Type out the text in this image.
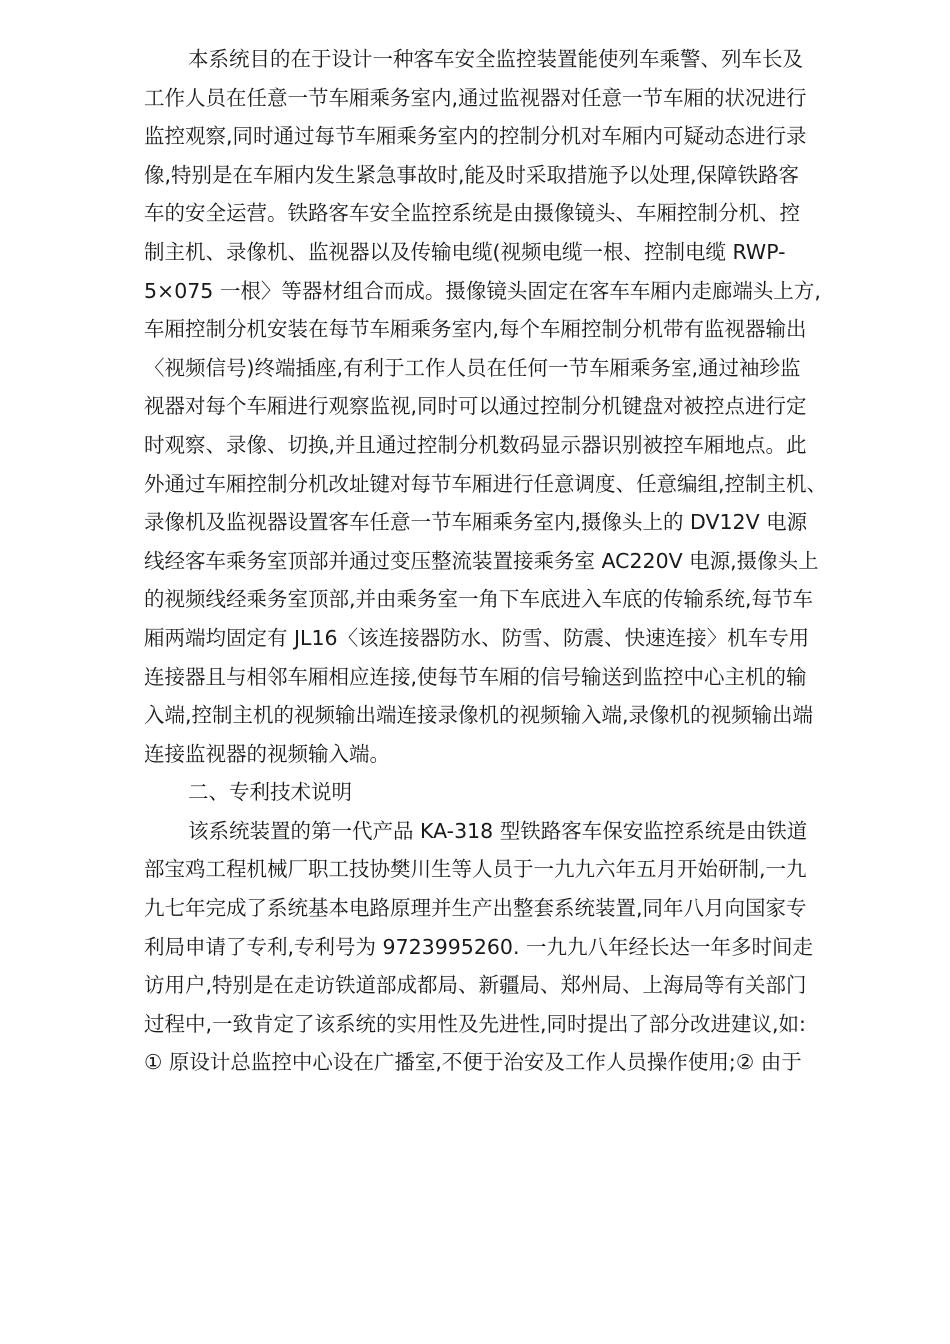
本系统目的在于设计一种客车安全监控装置能使列车乘警、列车长及
工作人员在任意一节车厢乘务室内,通过监视器对任意一节车厢的状况进行
监控观察,同时通过每节车厢乘务室内的控制分机对车厢内可疑动态进行录
像,特别是在车厢内发生紧急事故时,能及时采取措施予以处理,保障铁路客
车的安全运营。铁路客车安全监控系统是由摄像镜头、车厢控制分机、控
制主机、录像机、监视器以及传输电缆(视频电缆一根、控制电缆 RWP-
5×075 一根〉等器材组合而成。摄像镜头固定在客车车厢内走廊端头上方,
车厢控制分机安装在每节车厢乘务室内,每个车厢控制分机带有监视器输出
〈视频信号)终端插座,有利于工作人员在任何一节车厢乘务室,通过袖珍监
视器对每个车厢进行观察监视,同时可以通过控制分机键盘对被控点进行定
时观察、录像、切换,并且通过控制分机数码显示器识别被控车厢地点。此
外通过车厢控制分机改址键对每节车厢进行任意调度、任意编组,控制主机、
录像机及监视器设置客车任意一节车厢乘务室内,摄像头上的 DV12V 电源
线经客车乘务室顶部并通过变压整流装置接乘务室 AC220V 电源,摄像头上
的视频线经乘务室顶部,并由乘务室一角下车底进入车底的传输系统,每节车
厢两端均固定有 JL16〈该连接器防水、防雪、防震、快速连接〉机车专用
连接器且与相邻车厢相应连接,使每节车厢的信号输送到监控中心主机的输
入端,控制主机的视频输出端连接录像机的视频输入端,录像机的视频输出端
连接监视器的视频输入端。
二、专利技术说明
该系统装置的第一代产品 KA-318 型铁路客车保安监控系统是由铁道
部宝鸡工程机械厂职工技协樊川生等人员于一九九六年五月开始研制,一九
九七年完成了系统基本电路原理并生产出整套系统装置,同年八月向国家专
利局申请了专利,专利号为 9723995260. 一九九八年经长达一年多时间走
访用户,特别是在走访铁道部成都局、新疆局、郑州局、上海局等有关部门
过程中,一致肯定了该系统的实用性及先进性,同时提出了部分改进建议,如:
① 原设计总监控中心设在广播室,不便于治安及工作人员操作使用;② 由于
